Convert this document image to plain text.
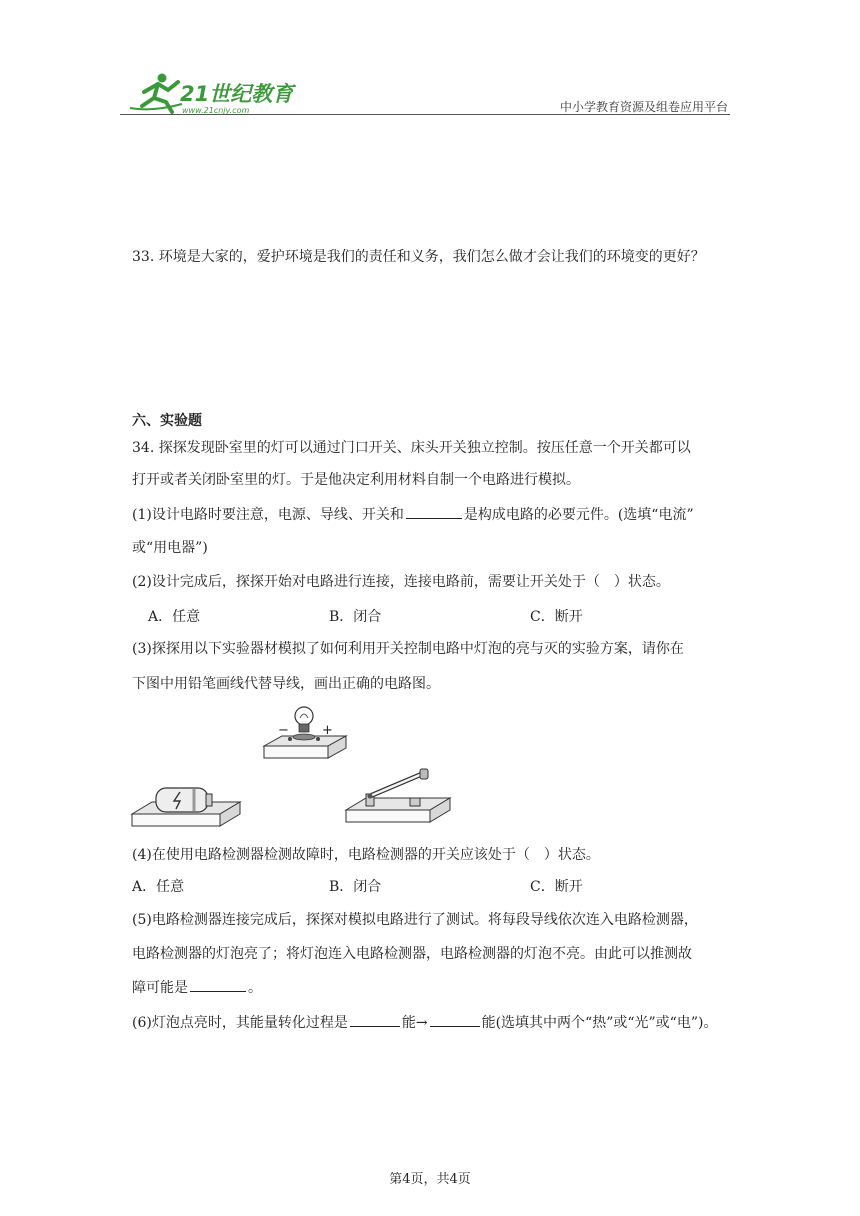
21世纪教育
www.21cnjy.com	中小学教育资源及组卷应用平台
33. 环境是大家的，爱护环境是我们的责任和义务，我们怎么做才会让我们的环境变的更好？
六、实验题
34. 探探发现卧室里的灯可以通过门口开关、床头开关独立控制。按压任意一个开关都可以
打开或者关闭卧室里的灯。于是他决定利用材料自制一个电路进行模拟。
(1)设计电路时要注意，电源、导线、开关和	是构成电路的必要元件。(选填“电流”
或“用电器”)
(2)设计完成后，探探开始对电路进行连接，连接电路前，需要让开关处于（　）状态。
A．任意	B．闭合	C．断开
(3)探探用以下实验器材模拟了如何利用开关控制电路中灯泡的亮与灭的实验方案，请你在
下图中用铅笔画线代替导线，画出正确的电路图。
−	+
(4)在使用电路检测器检测故障时，电路检测器的开关应该处于（　）状态。
A．任意	B．闭合	C．断开
(5)电路检测器连接完成后，探探对模拟电路进行了测试。将每段导线依次连入电路检测器，
电路检测器的灯泡亮了；将灯泡连入电路检测器，电路检测器的灯泡不亮。由此可以推测故
障可能是	。
(6)灯泡点亮时，其能量转化过程是	能→	能(选填其中两个“热”或“光”或“电”)。
第4页，共4页
